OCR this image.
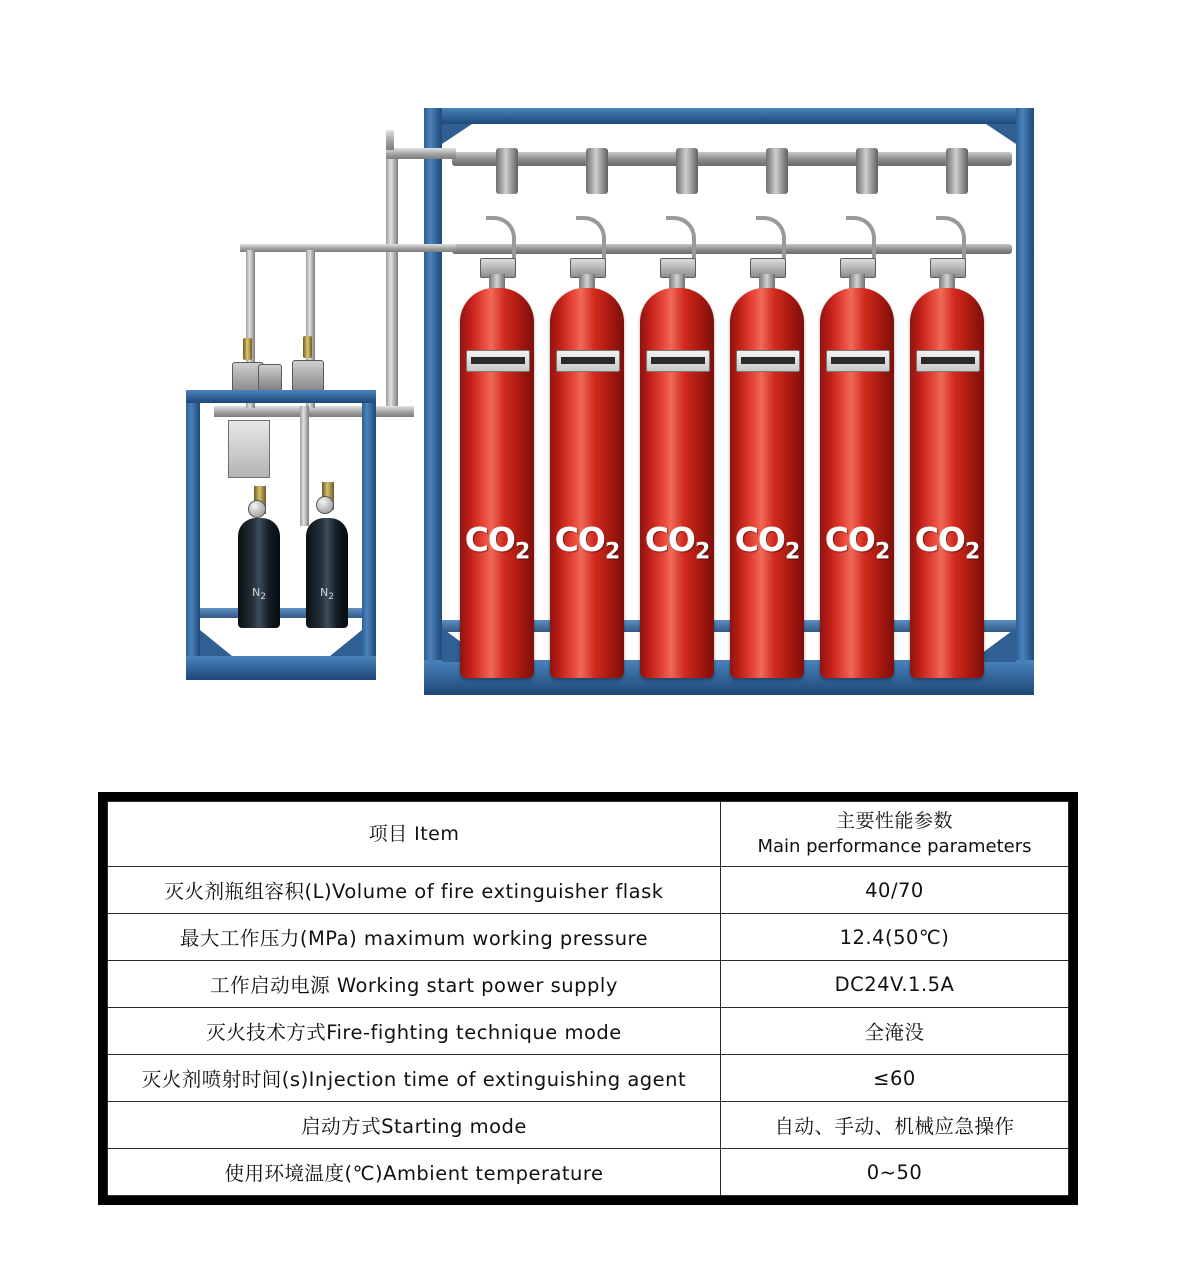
$CO_2$ $CO_2$ $CO_2$ $CO_2$ $CO_2$ $CO_2$
$N_2$	$N_2$
项目 Item	主要性能参数
Main performance parameters

灭火剂瓶组容积(L)Volume of fire extinguisher flask	40/70
最大工作压力(MPa) maximum working pressure	12.4(50℃)
工作启动电源 Working start power supply	DC24V.1.5A
灭火技术方式Fire-fighting technique mode	全淹没
灭火剂喷射时间(s)Injection time of extinguishing agent	≤60
启动方式Starting mode	自动、手动、机械应急操作
使用环境温度(℃)Ambient temperature	0~50
